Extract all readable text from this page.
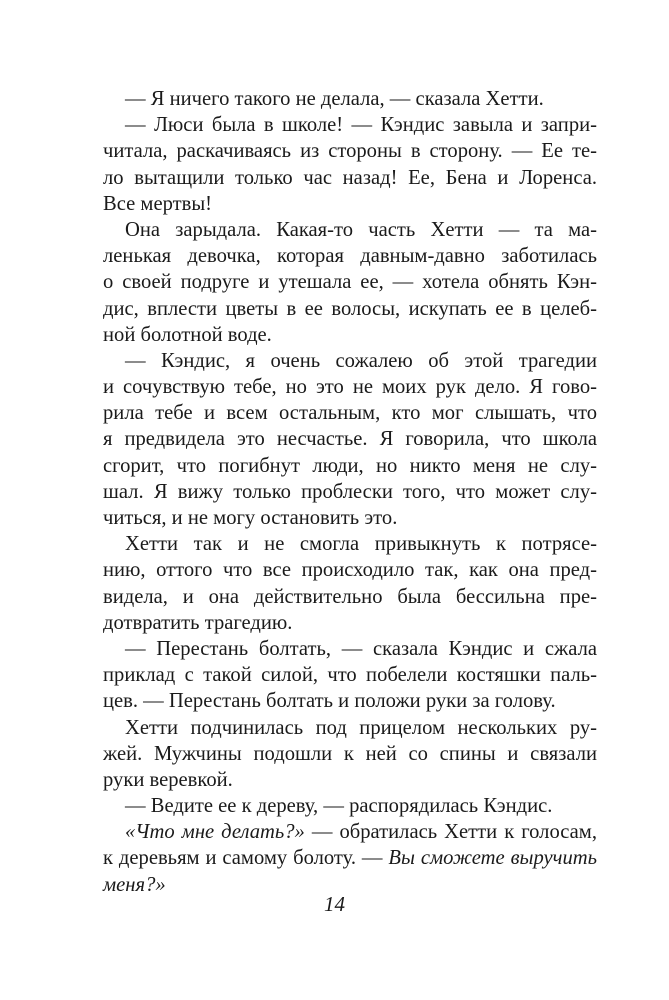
— Я ничего такого не делала, — сказала Хетти.
— Люси была в школе! — Кэндис завыла и запри-
читала, раскачиваясь из стороны в сторону. — Ее те-
ло вытащили только час назад! Ее, Бена и Лоренса.
Все мертвы!
Она зарыдала. Какая-то часть Хетти — та ма-
ленькая девочка, которая давным-давно заботилась
о своей подруге и утешала ее, — хотела обнять Кэн-
дис, вплести цветы в ее волосы, искупать ее в целеб-
ной болотной воде.
— Кэндис, я очень сожалею об этой трагедии
и сочувствую тебе, но это не моих рук дело. Я гово-
рила тебе и всем остальным, кто мог слышать, что
я предвидела это несчастье. Я говорила, что школа
сгорит, что погибнут люди, но никто меня не слу-
шал. Я вижу только проблески того, что может слу-
читься, и не могу остановить это.
Хетти так и не смогла привыкнуть к потрясе-
нию, оттого что все происходило так, как она пред-
видела, и она действительно была бессильна пре-
дотвратить трагедию.
— Перестань болтать, — сказала Кэндис и сжала
приклад с такой силой, что побелели костяшки паль-
цев. — Перестань болтать и положи руки за голову.
Хетти подчинилась под прицелом нескольких ру-
жей. Мужчины подошли к ней со спины и связали
руки веревкой.
— Ведите ее к дереву, — распорядилась Кэндис.
«Что мне делать?» — обратилась Хетти к голосам,
к деревьям и самому болоту. — Вы сможете выручить
меня?»
14
